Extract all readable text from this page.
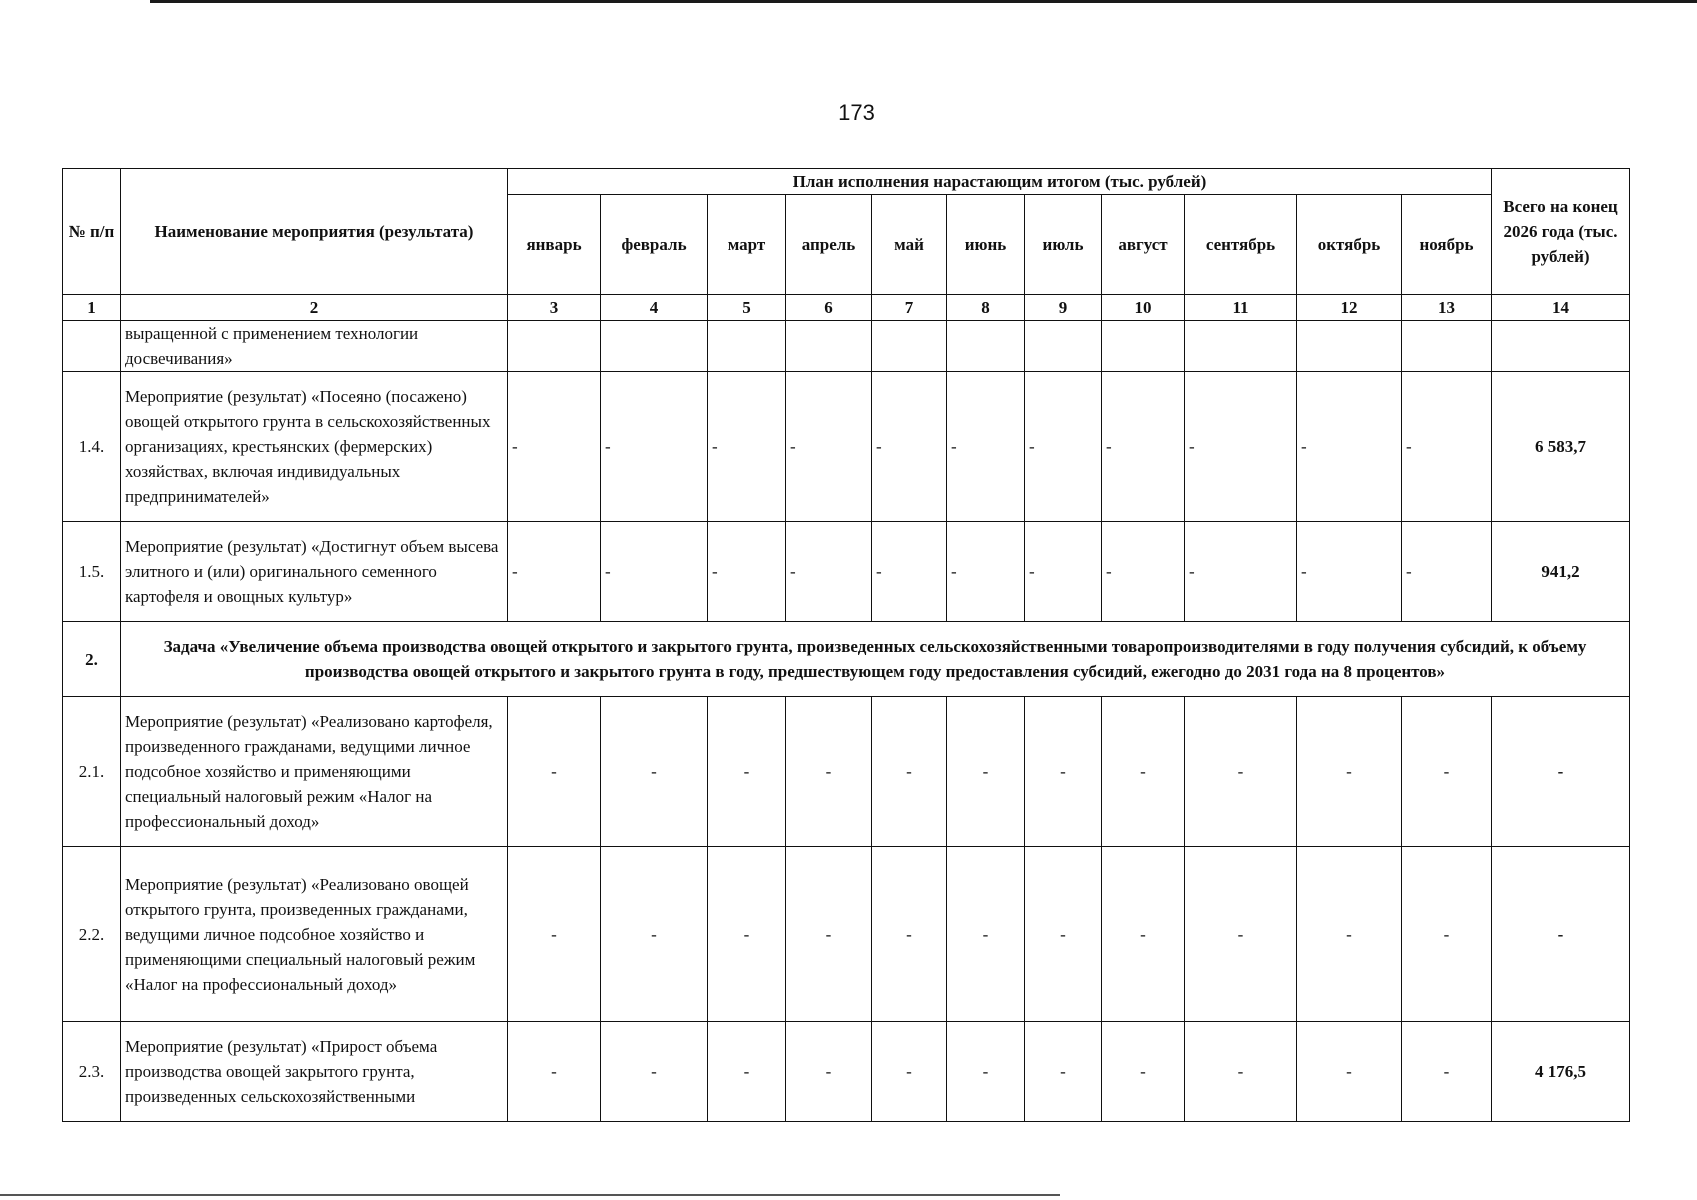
173
№ п/п	Наименование мероприятия (результата)	План исполнения нарастающим итогом (тыс. рублей)											Всего на конец 2026 года (тыс. рублей)
		январь	февраль	март	апрель	май	июнь	июль	август	сентябрь	октябрь	ноябрь	
1	2	3	4	5	6	7	8	9	10	11	12	13	14
	выращенной с применением технологии досвечивания»												
1.4.	Мероприятие (результат) «Посеяно (посажено) овощей открытого грунта в сельскохозяйственных организациях, крестьянских (фермерских) хозяйствах, включая индивидуальных предпринимателей»	-	-	-	-	-	-	-	-	-	-	-	6 583,7
1.5.	Мероприятие (результат) «Достигнут объем высева элитного и (или) оригинального семенного картофеля и овощных культур»	-	-	-	-	-	-	-	-	-	-	-	941,2
2.	Задача «Увеличение объема производства овощей открытого и закрытого грунта, произведенных сельскохозяйственными товаропроизводителями в году получения субсидий, к объему производства овощей открытого и закрытого грунта в году, предшествующем году предоставления субсидий, ежегодно до 2031 года на 8 процентов»												
2.1.	Мероприятие (результат) «Реализовано картофеля, произведенного гражданами, ведущими личное подсобное хозяйство и применяющими специальный налоговый режим «Налог на профессиональный доход»	-	-	-	-	-	-	-	-	-	-	-	-
2.2.	Мероприятие (результат) «Реализовано овощей открытого грунта, произведенных гражданами, ведущими личное подсобное хозяйство и применяющими специальный налоговый режим «Налог на профессиональный доход»	-	-	-	-	-	-	-	-	-	-	-	-
2.3.	Мероприятие (результат) «Прирост объема производства овощей закрытого грунта, произведенных сельскохозяйственными	-	-	-	-	-	-	-	-	-	-	-	4 176,5
